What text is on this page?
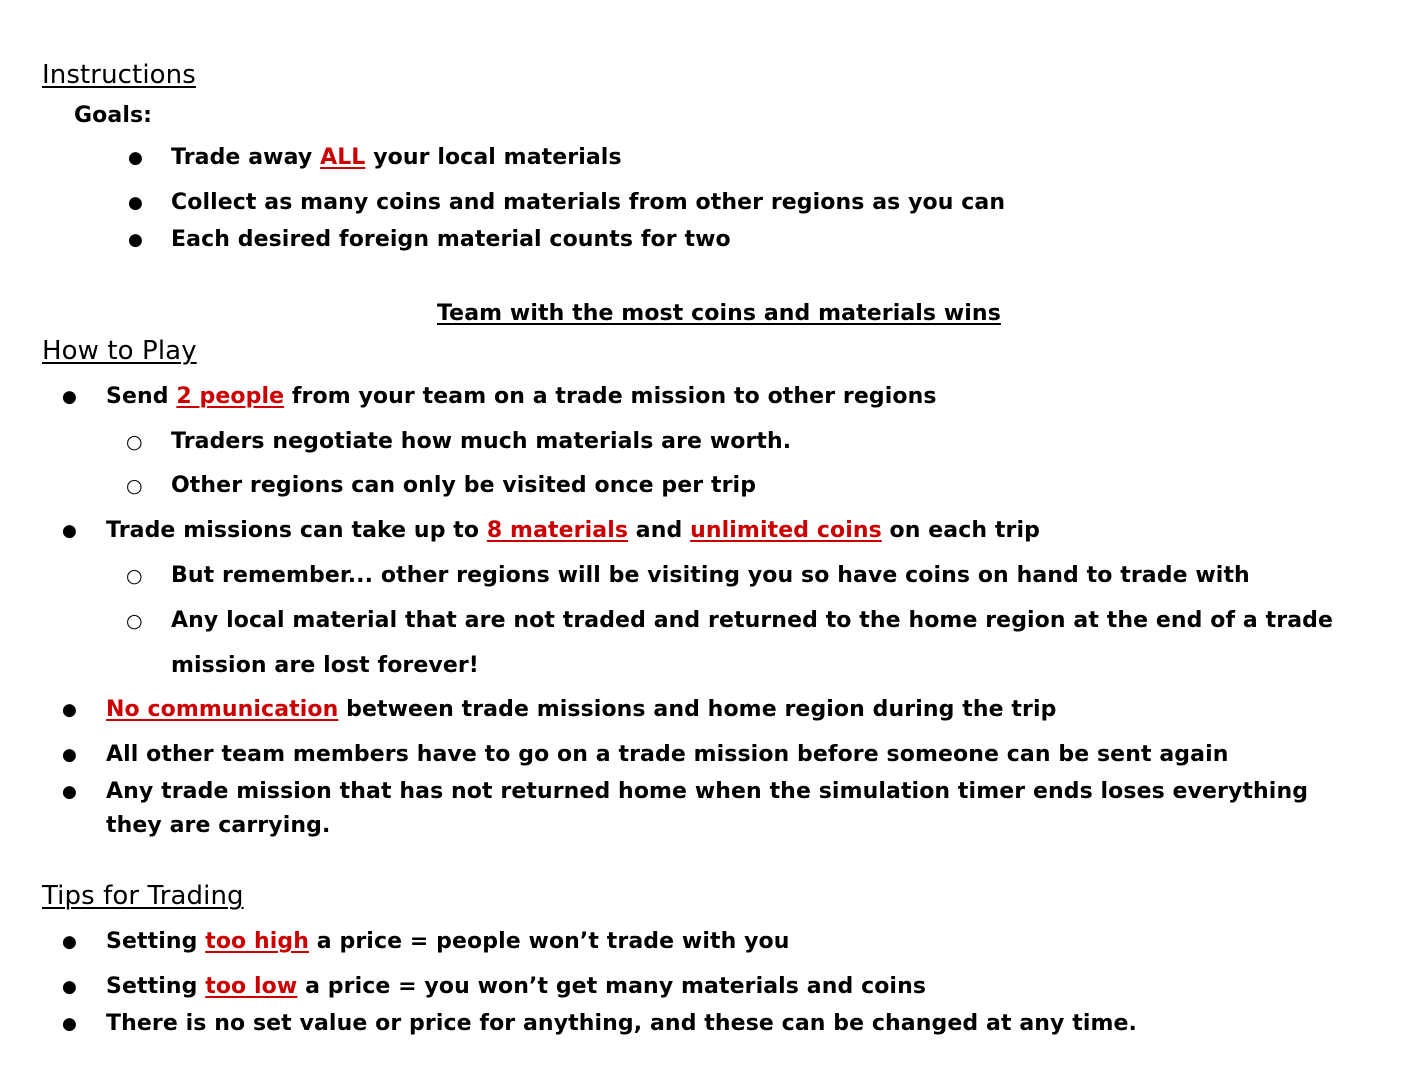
Instructions
Goals:
● Trade away ALL your local materials
● Collect as many coins and materials from other regions as you can
● Each desired foreign material counts for two
Team with the most coins and materials wins
How to Play
● Send 2 people from your team on a trade mission to other regions
○ Traders negotiate how much materials are worth.
○ Other regions can only be visited once per trip
● Trade missions can take up to 8 materials and unlimited coins on each trip
○ But remember... other regions will be visiting you so have coins on hand to trade with
○ Any local material that are not traded and returned to the home region at the end of a trade
mission are lost forever!
● No communication between trade missions and home region during the trip
● All other team members have to go on a trade mission before someone can be sent again
● Any trade mission that has not returned home when the simulation timer ends loses everything
they are carrying.
Tips for Trading
● Setting too high a price = people won’t trade with you
● Setting too low a price = you won’t get many materials and coins
● There is no set value or price for anything, and these can be changed at any time.
